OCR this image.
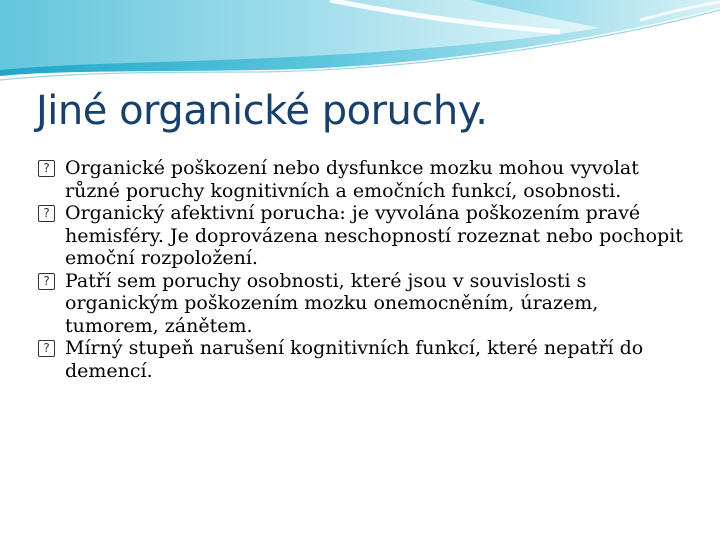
Jiné organické poruchy.
? Organické poškození nebo dysfunkce mozku mohou vyvolat různé poruchy kognitivních a emočních funkcí, osobnosti.
? Organický afektivní porucha: je vyvolána poškozením pravé hemisféry. Je doprovázena neschopností rozeznat nebo pochopit emoční rozpoložení.
? Patří sem poruchy osobnosti, které jsou v souvislosti s organickým poškozením mozku onemocněním, úrazem, tumorem, zánětem.
? Mírný stupeň narušení kognitivních funkcí, které nepatří do demencí.
